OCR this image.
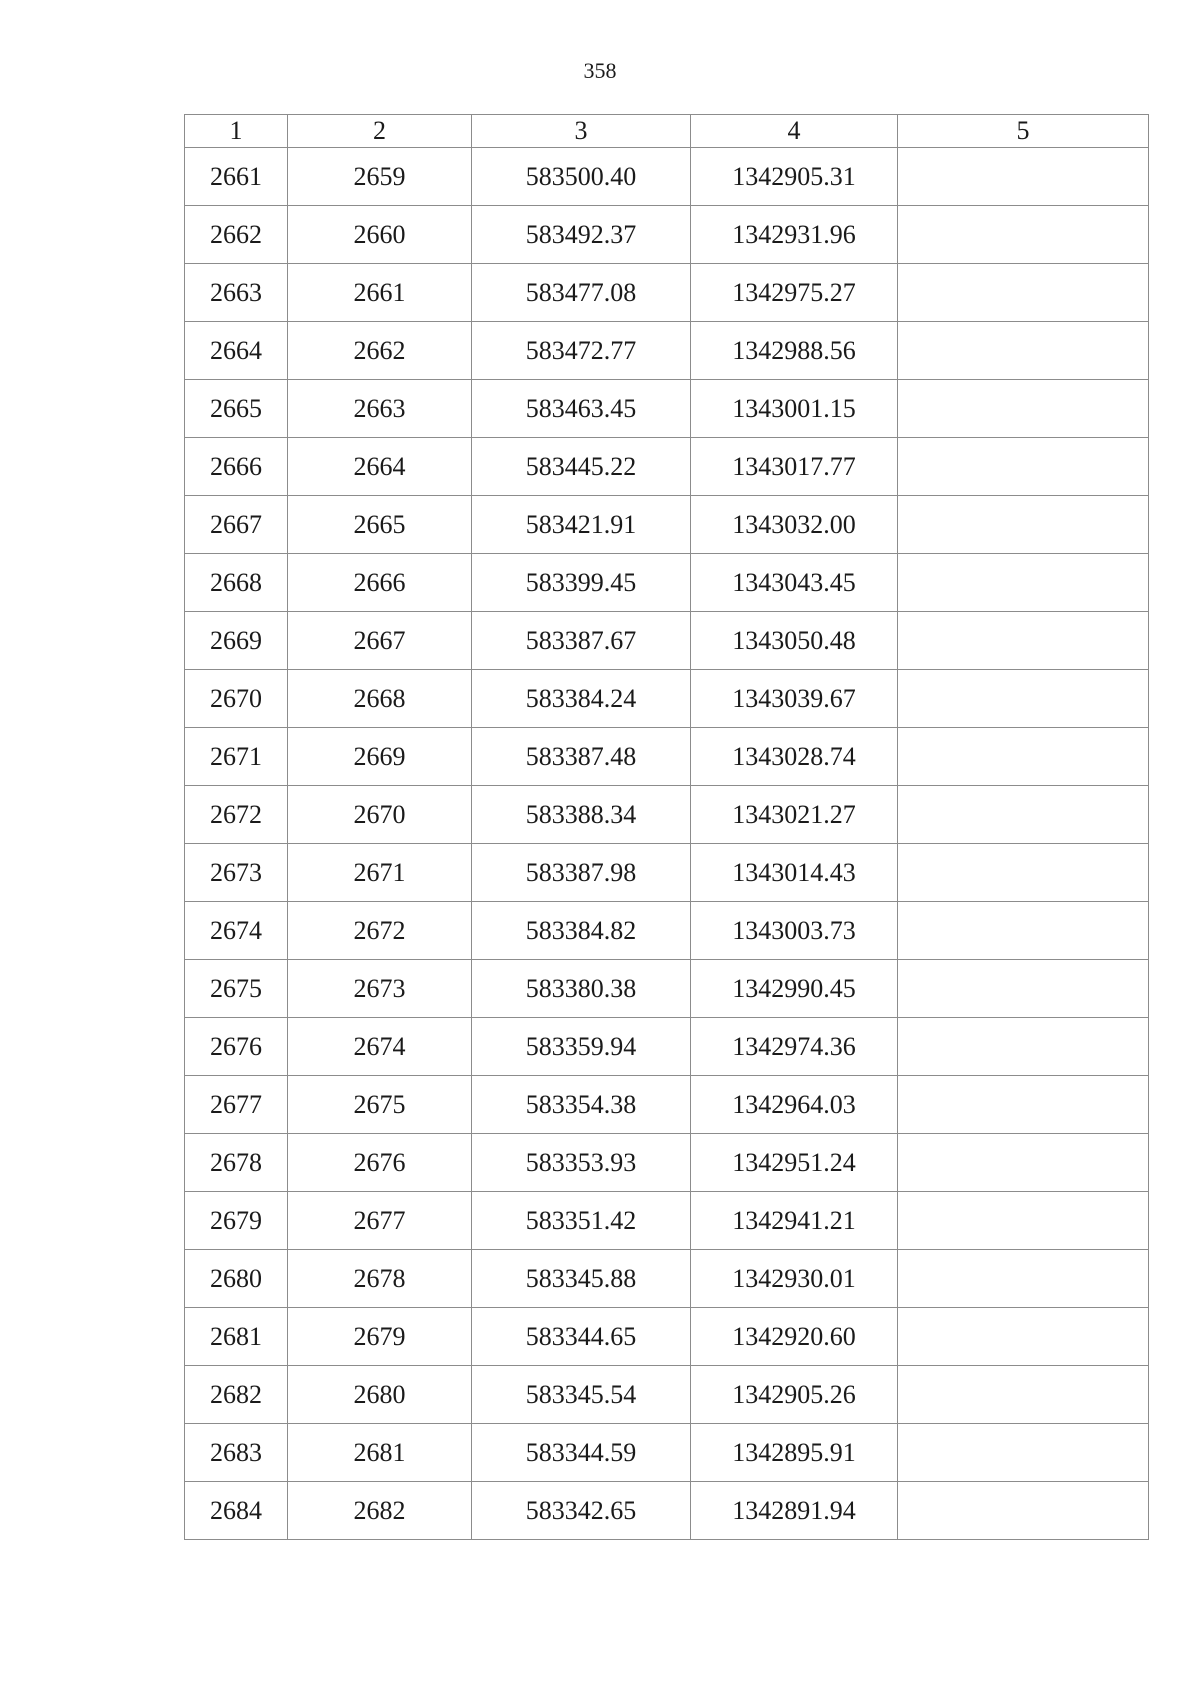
358
1	2	3	4	5
2661	2659	583500.40	1342905.31	
2662	2660	583492.37	1342931.96	
2663	2661	583477.08	1342975.27	
2664	2662	583472.77	1342988.56	
2665	2663	583463.45	1343001.15	
2666	2664	583445.22	1343017.77	
2667	2665	583421.91	1343032.00	
2668	2666	583399.45	1343043.45	
2669	2667	583387.67	1343050.48	
2670	2668	583384.24	1343039.67	
2671	2669	583387.48	1343028.74	
2672	2670	583388.34	1343021.27	
2673	2671	583387.98	1343014.43	
2674	2672	583384.82	1343003.73	
2675	2673	583380.38	1342990.45	
2676	2674	583359.94	1342974.36	
2677	2675	583354.38	1342964.03	
2678	2676	583353.93	1342951.24	
2679	2677	583351.42	1342941.21	
2680	2678	583345.88	1342930.01	
2681	2679	583344.65	1342920.60	
2682	2680	583345.54	1342905.26	
2683	2681	583344.59	1342895.91	
2684	2682	583342.65	1342891.94	
